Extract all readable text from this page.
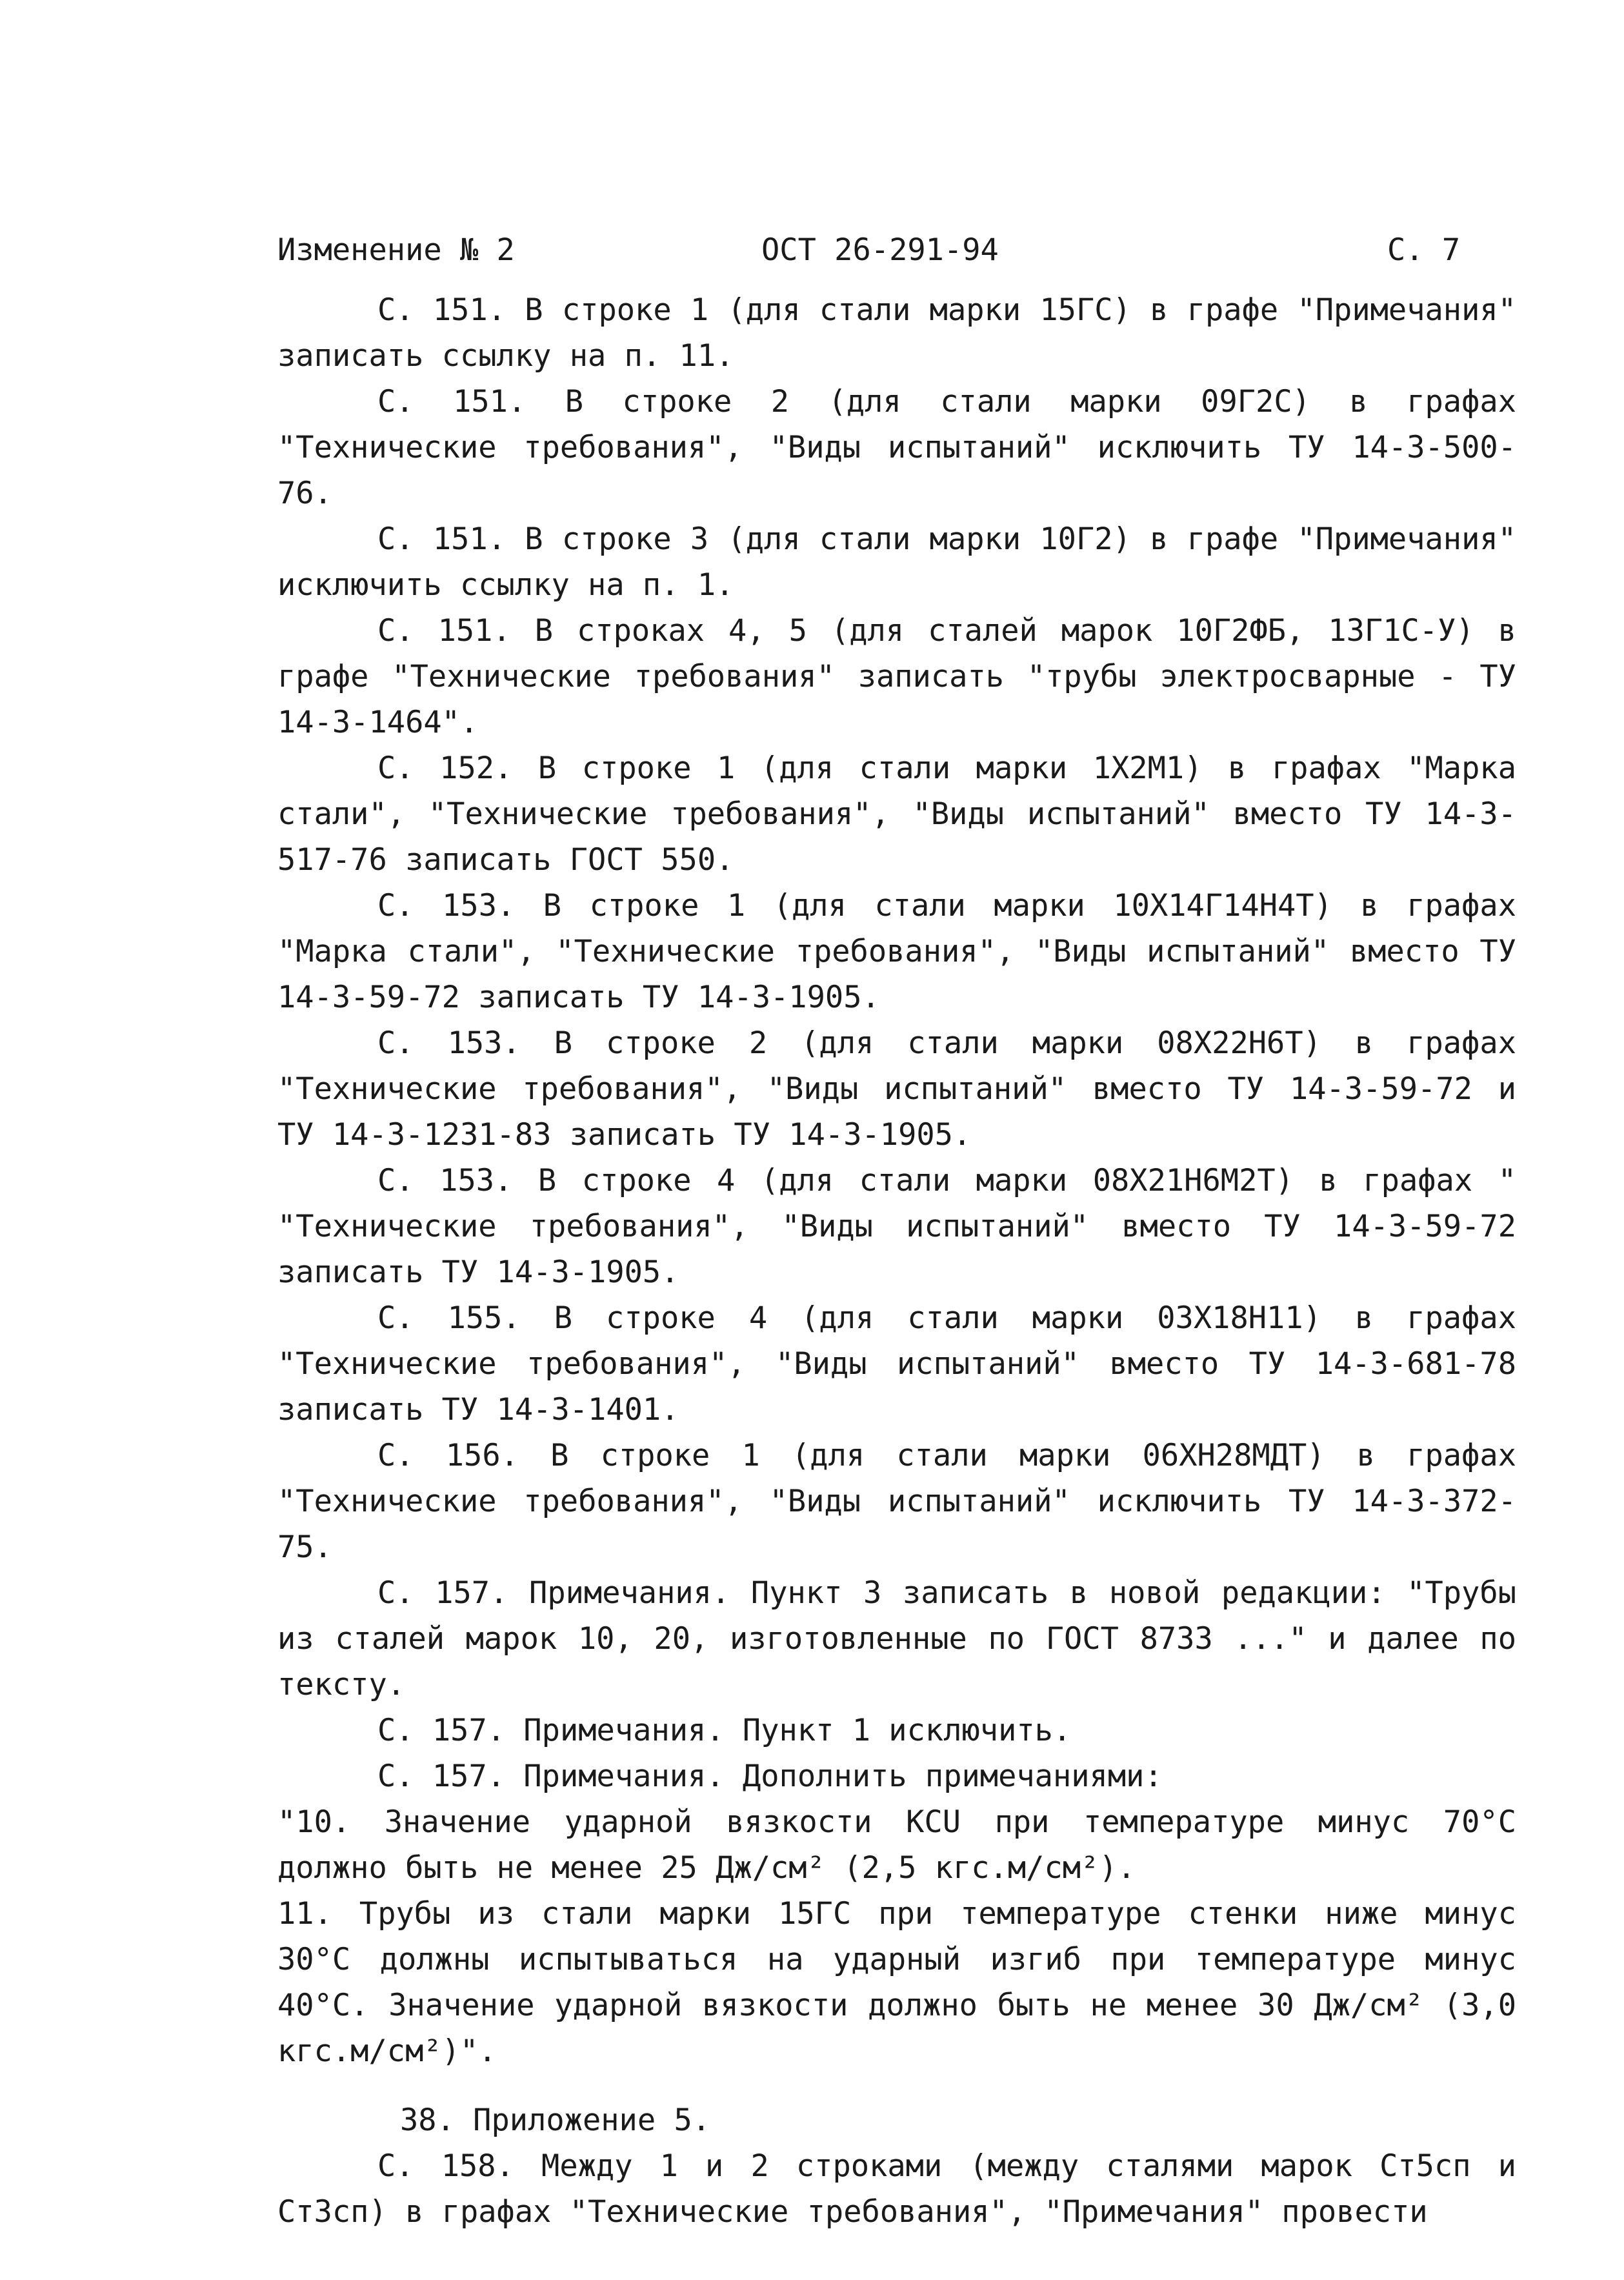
Изменение № 2	ОСТ 26-291-94	С. 7

С. 151. В строке 1 (для стали марки 15ГС) в графе "Примечания" записать ссылку на п. 11.

С. 151. В строке 2 (для стали марки 09Г2С) в графах "Технические требования", "Виды испытаний" исключить ТУ 14-3-500-76.

С. 151. В строке 3 (для стали марки 10Г2) в графе "Примечания" исключить ссылку на п. 1.

С. 151. В строках 4, 5 (для сталей марок 10Г2ФБ, 13Г1С-У) в графе "Технические требования" записать "трубы электросварные - ТУ 14-3-1464".

С. 152. В строке 1 (для стали марки 1Х2М1) в графах "Марка стали", "Технические требования", "Виды испытаний" вместо ТУ 14-3-517-76 записать ГОСТ 550.

С. 153. В строке 1 (для стали марки 10Х14Г14Н4Т) в графах "Марка стали", "Технические требования", "Виды испытаний" вместо ТУ 14-3-59-72 записать ТУ 14-3-1905.

С. 153. В строке 2 (для стали марки 08Х22Н6Т) в графах "Технические требования", "Виды испытаний" вместо ТУ 14-3-59-72 и ТУ 14-3-1231-83 записать ТУ 14-3-1905.

С. 153. В строке 4 (для стали марки 08Х21Н6М2Т) в графах " "Технические требования", "Виды испытаний" вместо ТУ 14-3-59-72 записать ТУ 14-3-1905.

С. 155. В строке 4 (для стали марки 03Х18Н11) в графах "Технические требования", "Виды испытаний" вместо ТУ 14-3-681-78 записать ТУ 14-3-1401.

С. 156. В строке 1 (для стали марки 06ХН28МДТ) в графах "Технические требования", "Виды испытаний" исключить ТУ 14-3-372-75.

С. 157. Примечания. Пункт 3 записать в новой редакции: "Трубы из сталей марок 10, 20, изготовленные по ГОСТ 8733 ..." и далее по тексту.

С. 157. Примечания. Пункт 1 исключить.

С. 157. Примечания. Дополнить примечаниями:

"10. Значение ударной вязкости KCU при температуре минус 70°С должно быть не менее 25 Дж/см² (2,5 кгс.м/см²).

11. Трубы из стали марки 15ГС при температуре стенки ниже минус 30°С должны испытываться на ударный изгиб при температуре минус 40°С. Значение ударной вязкости должно быть не менее 30 Дж/см² (3,0 кгс.м/см²)".

38. Приложение 5.

С. 158. Между 1 и 2 строками (между сталями марок Ст5сп и Ст3сп) в графах "Технические требования", "Примечания" провести
